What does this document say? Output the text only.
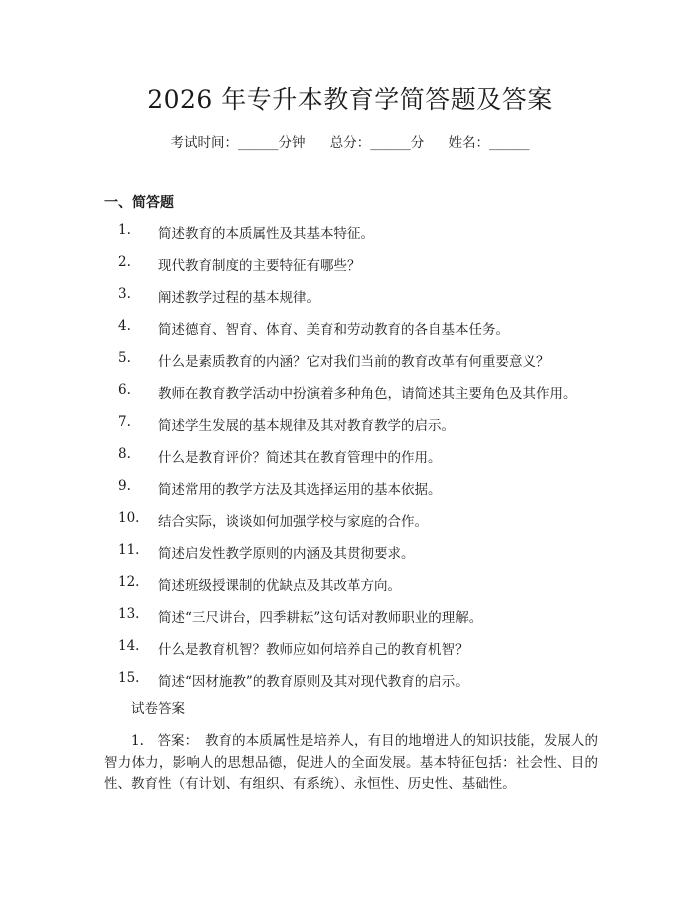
2026 年专升本教育学简答题及答案
考试时间：______分钟 总分：______分 姓名：______
一、简答题
1.	简述教育的本质属性及其基本特征。
2.	现代教育制度的主要特征有哪些？
3.	阐述教学过程的基本规律。
4.	简述德育、智育、体育、美育和劳动教育的各自基本任务。
5.	什么是素质教育的内涵？它对我们当前的教育改革有何重要意义？
6.	教师在教育教学活动中扮演着多种角色，请简述其主要角色及其作用。
7.	简述学生发展的基本规律及其对教育教学的启示。
8.	什么是教育评价？简述其在教育管理中的作用。
9.	简述常用的教学方法及其选择运用的基本依据。
10.	结合实际，谈谈如何加强学校与家庭的合作。
11.	简述启发性教学原则的内涵及其贯彻要求。
12.	简述班级授课制的优缺点及其改革方向。
13.	简述“三尺讲台，四季耕耘”这句话对教师职业的理解。
14.	什么是教育机智？教师应如何培养自己的教育机智？
15.	简述“因材施教”的教育原则及其对现代教育的启示。
试卷答案
1.　答案：　教育的本质属性是培养人，有目的地增进人的知识技能，发展人的智力体力，影响人的思想品德，促进人的全面发展。基本特征包括：社会性、目的性、教育性（有计划、有组织、有系统）、永恒性、历史性、基础性。
